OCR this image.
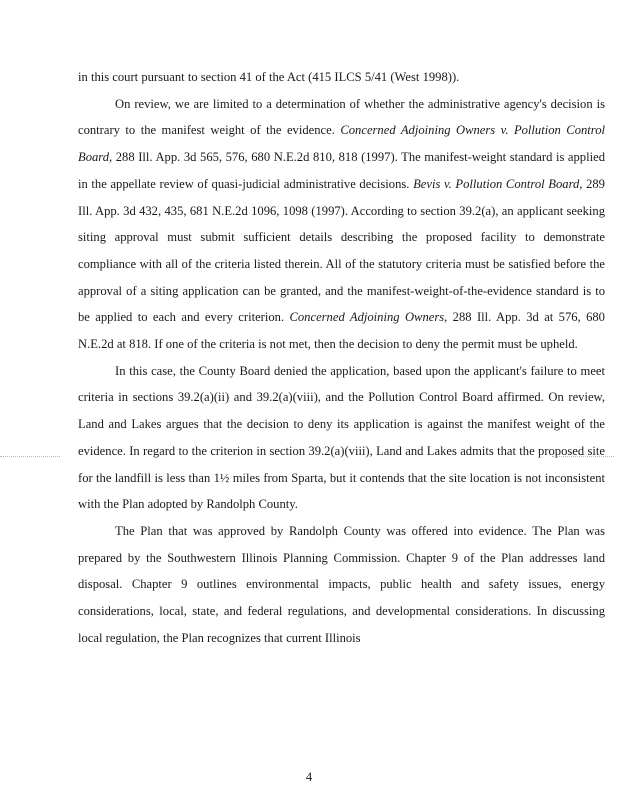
in this court pursuant to section 41 of the Act (415 ILCS 5/41 (West 1998)).

On review, we are limited to a determination of whether the administrative agency's decision is contrary to the manifest weight of the evidence. Concerned Adjoining Owners v. Pollution Control Board, 288 Ill. App. 3d 565, 576, 680 N.E.2d 810, 818 (1997). The manifest-weight standard is applied in the appellate review of quasi-judicial administrative decisions. Bevis v. Pollution Control Board, 289 Ill. App. 3d 432, 435, 681 N.E.2d 1096, 1098 (1997). According to section 39.2(a), an applicant seeking siting approval must submit sufficient details describing the proposed facility to demonstrate compliance with all of the criteria listed therein. All of the statutory criteria must be satisfied before the approval of a siting application can be granted, and the manifest-weight-of-the-evidence standard is to be applied to each and every criterion. Concerned Adjoining Owners, 288 Ill. App. 3d at 576, 680 N.E.2d at 818. If one of the criteria is not met, then the decision to deny the permit must be upheld.

In this case, the County Board denied the application, based upon the applicant's failure to meet criteria in sections 39.2(a)(ii) and 39.2(a)(viii), and the Pollution Control Board affirmed. On review, Land and Lakes argues that the decision to deny its application is against the manifest weight of the evidence. In regard to the criterion in section 39.2(a)(viii), Land and Lakes admits that the proposed site for the landfill is less than 1½ miles from Sparta, but it contends that the site location is not inconsistent with the Plan adopted by Randolph County.

The Plan that was approved by Randolph County was offered into evidence. The Plan was prepared by the Southwestern Illinois Planning Commission. Chapter 9 of the Plan addresses land disposal. Chapter 9 outlines environmental impacts, public health and safety issues, energy considerations, local, state, and federal regulations, and developmental considerations. In discussing local regulation, the Plan recognizes that current Illinois

4
